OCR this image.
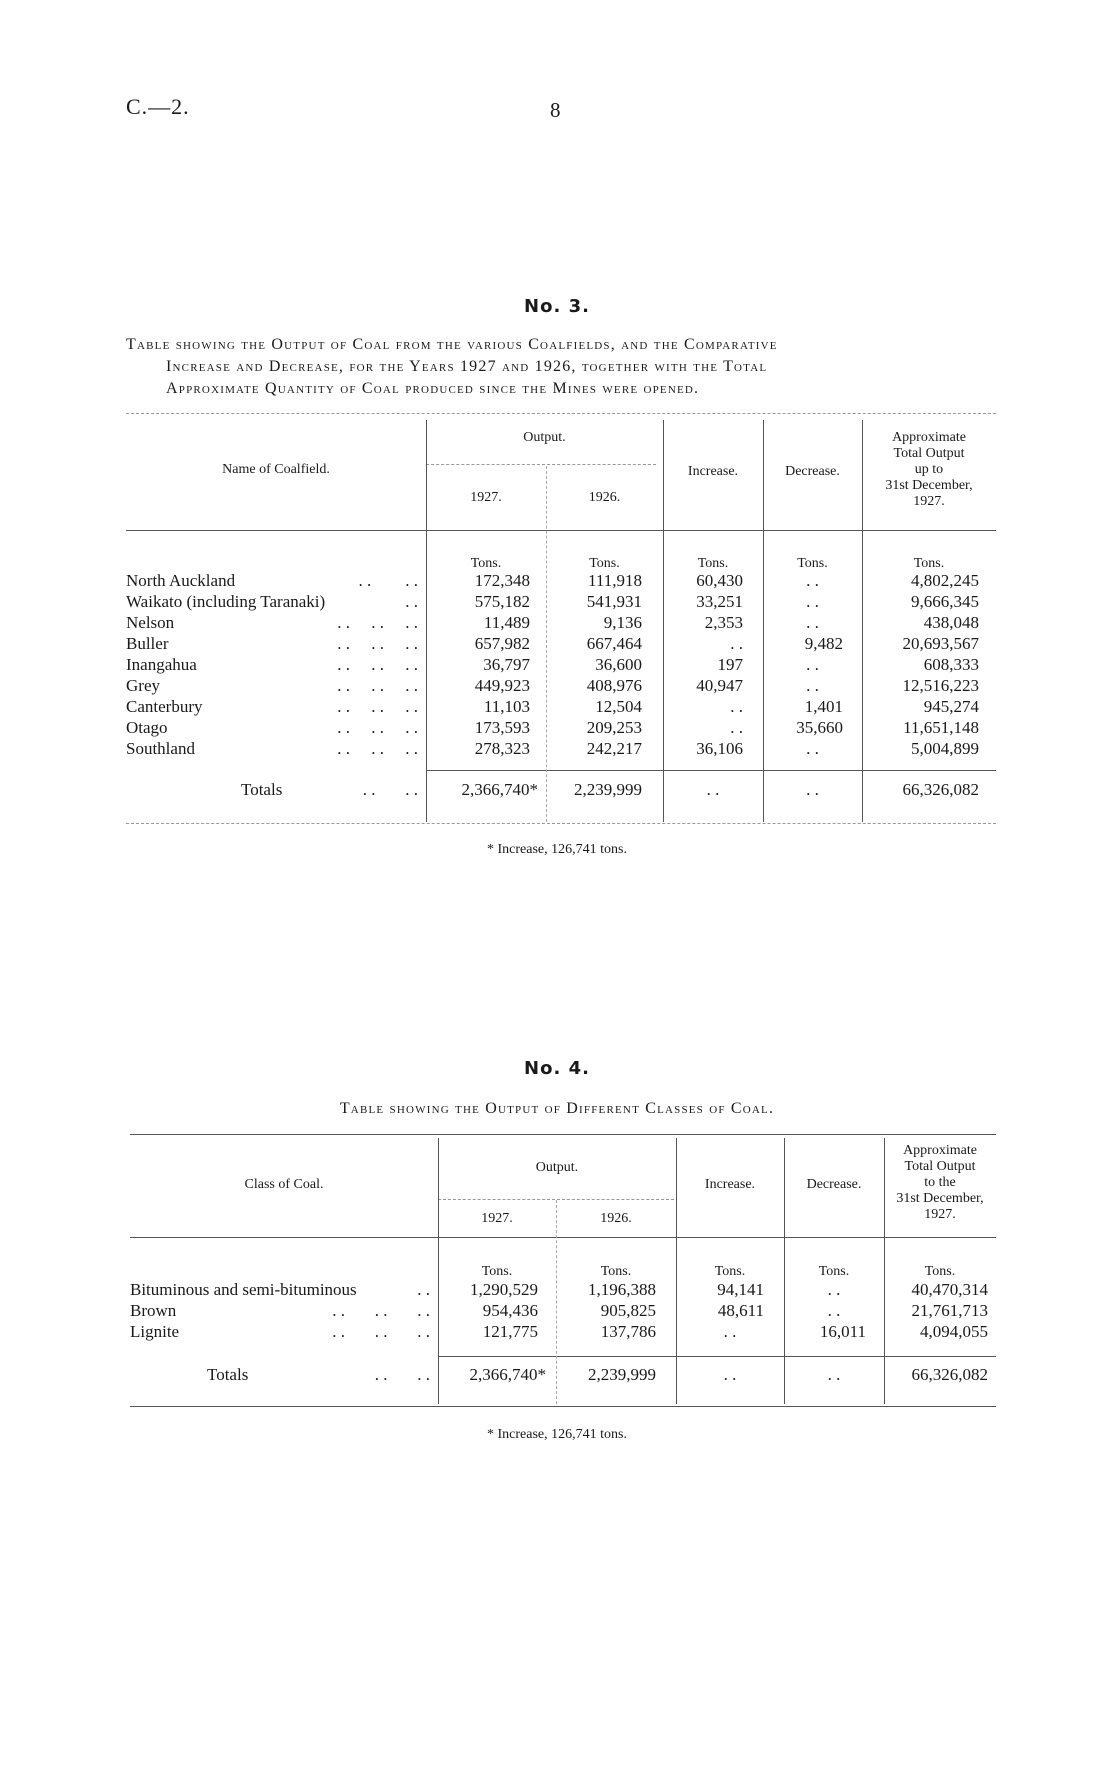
C.—2.	8
No. 3.
Table showing the Output of Coal from the various Coalfields, and the Comparative
Increase and Decrease, for the Years 1927 and 1926, together with the Total
Approximate Quantity of Coal produced since the Mines were opened.
Name of Coalfield.
Output.
1927.	1926.
Increase.	Decrease.
Approximate
Total Output
up to
31st December,
1927.
Tons.	Tons.	Tons.	Tons.	Tons.
North Auckland	. .        . .	172,348	111,918	60,430	. .	4,802,245
Waikato (including Taranaki)	. .	575,182	541,931	33,251	. .	9,666,345
Nelson	. .     . .     . .	11,489	9,136	2,353	. .	438,048
Buller	. .     . .     . .	657,982	667,464	. .	9,482	20,693,567
Inangahua	. .     . .     . .	36,797	36,600	197	. .	608,333
Grey	. .     . .     . .	449,923	408,976	40,947	. .	12,516,223
Canterbury	. .     . .     . .	11,103	12,504	. .	1,401	945,274
Otago	. .     . .     . .	173,593	209,253	. .	35,660	11,651,148
Southland	. .     . .     . .	278,323	242,217	36,106	. .	5,004,899
Totals	. .       . .	2,366,740*	2,239,999	. .	. .	66,326,082
* Increase, 126,741 tons.
No. 4.
Table showing the Output of Different Classes of Coal.
Class of Coal.
Output.
1927.	1926.
Increase.	Decrease.
Approximate
Total Output
to the
31st December,
1927.
Tons.	Tons.	Tons.	Tons.	Tons.
Bituminous and semi-bituminous	. .	1,290,529	1,196,388	94,141	. .	40,470,314
Brown	. .       . .       . .	954,436	905,825	48,611	. .	21,761,713
Lignite	. .       . .       . .	121,775	137,786	. .	16,011	4,094,055
Totals	. .       . .	2,366,740*	2,239,999	. .	. .	66,326,082
* Increase, 126,741 tons.
